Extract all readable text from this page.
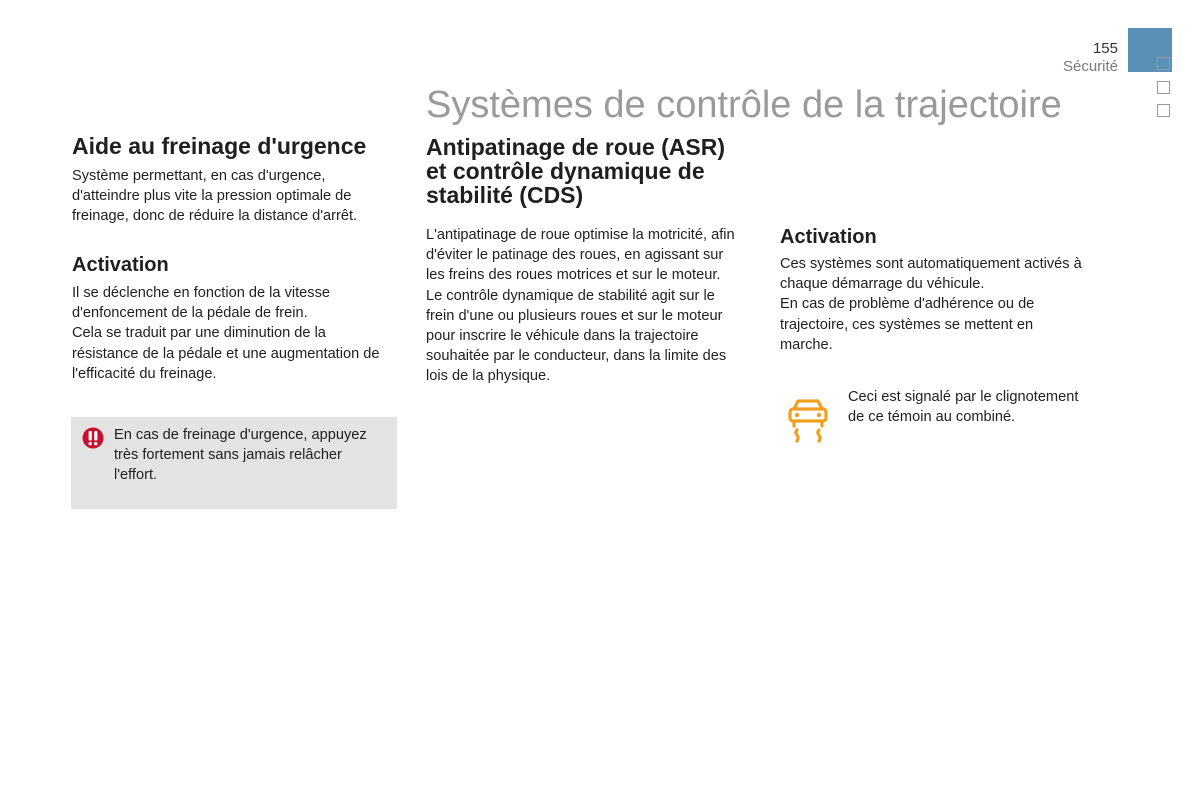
155
Sécurité
Systèmes de contrôle de la trajectoire
Aide au freinage d'urgence

Système permettant, en cas d'urgence,
d'atteindre plus vite la pression optimale de
freinage, donc de réduire la distance d'arrêt.

Activation

Il se déclenche en fonction de la vitesse
d'enfoncement de la pédale de frein.
Cela se traduit par une diminution de la
résistance de la pédale et une augmentation de
l'efficacité du freinage.

En cas de freinage d'urgence, appuyez
très fortement sans jamais relâcher
l'effort.

Antipatinage de roue (ASR)
et contrôle dynamique de
stabilité (CDS)

L'antipatinage de roue optimise la motricité, afin
d'éviter le patinage des roues, en agissant sur
les freins des roues motrices et sur le moteur.
Le contrôle dynamique de stabilité agit sur le
frein d'une ou plusieurs roues et sur le moteur
pour inscrire le véhicule dans la trajectoire
souhaitée par le conducteur, dans la limite des
lois de la physique.

Activation

Ces systèmes sont automatiquement activés à
chaque démarrage du véhicule.
En cas de problème d'adhérence ou de
trajectoire, ces systèmes se mettent en
marche.

Ceci est signalé par le clignotement
de ce témoin au combiné.
